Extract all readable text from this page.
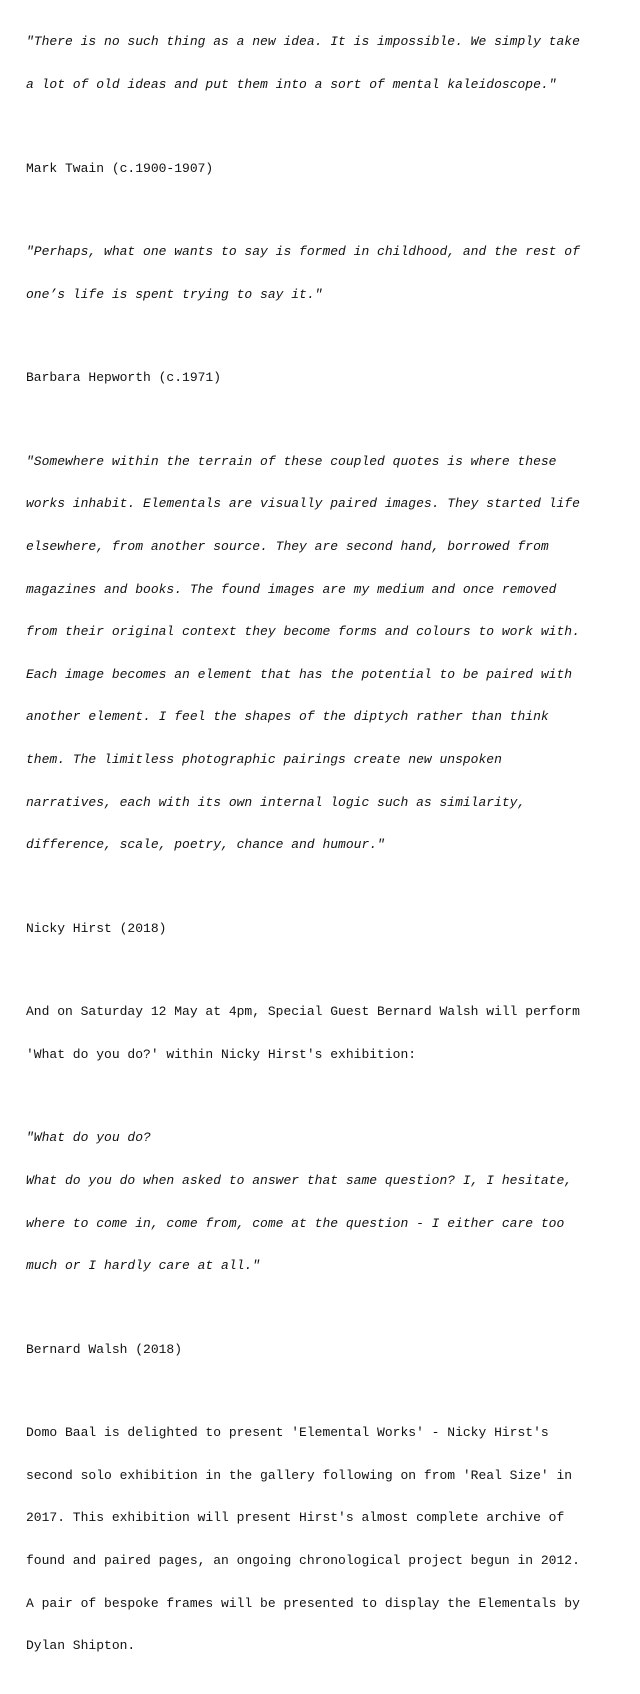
"There is no such thing as a new idea. It is impossible. We simply take

a lot of old ideas and put them into a sort of mental kaleidoscope."

Mark Twain (c.1900-1907)

"Perhaps, what one wants to say is formed in childhood, and the rest of

one’s life is spent trying to say it."

Barbara Hepworth (c.1971)

"Somewhere within the terrain of these coupled quotes is where these

works inhabit. Elementals are visually paired images. They started life

elsewhere, from another source. They are second hand, borrowed from

magazines and books. The found images are my medium and once removed

from their original context they become forms and colours to work with.

Each image becomes an element that has the potential to be paired with

another element. I feel the shapes of the diptych rather than think

them. The limitless photographic pairings create new unspoken

narratives, each with its own internal logic such as similarity,

difference, scale, poetry, chance and humour."

Nicky Hirst (2018)

And on Saturday 12 May at 4pm, Special Guest Bernard Walsh will perform

'What do you do?' within Nicky Hirst's exhibition:

"What do you do?

What do you do when asked to answer that same question? I, I hesitate,

where to come in, come from, come at the question - I either care too

much or I hardly care at all."

Bernard Walsh (2018)

Domo Baal is delighted to present 'Elemental Works' - Nicky Hirst's

second solo exhibition in the gallery following on from 'Real Size' in

2017. This exhibition will present Hirst's almost complete archive of

found and paired pages, an ongoing chronological project begun in 2012.

A pair of bespoke frames will be presented to display the Elementals by

Dylan Shipton.
